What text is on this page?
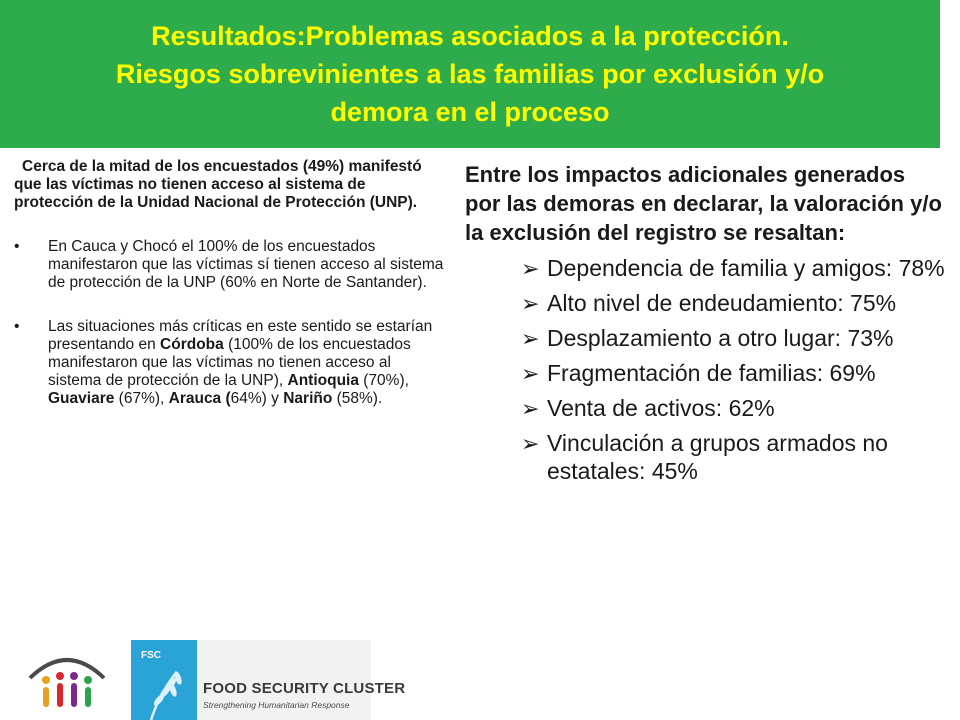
Resultados:Problemas asociados a la protección.
Riesgos sobrevinientes a las familias por exclusión y/o
demora en el proceso

Cerca de la mitad de los encuestados (49%) manifestó que las víctimas no tienen acceso al sistema de protección de la Unidad Nacional de Protección (UNP).

• En Cauca y Chocó el 100% de los encuestados manifestaron que las víctimas sí tienen acceso al sistema de protección de la UNP (60% en Norte de Santander).
• Las situaciones más críticas en este sentido se estarían presentando en Córdoba (100% de los encuestados manifestaron que las víctimas no tienen acceso al sistema de protección de la UNP), Antioquia (70%), Guaviare (67%), Arauca (64%) y Nariño (58%).

Entre los impactos adicionales generados por las demoras en declarar, la valoración y/o la exclusión del registro se resaltan:

➢ Dependencia de familia y amigos: 78%
➢ Alto nivel de endeudamiento: 75%
➢ Desplazamiento a otro lugar: 73%
➢ Fragmentación de familias: 69%
➢ Venta de activos: 62%
➢ Vinculación a grupos armados no estatales: 45%
FSC
FOOD SECURITY CLUSTER
Strengthening Humanitarian Response
